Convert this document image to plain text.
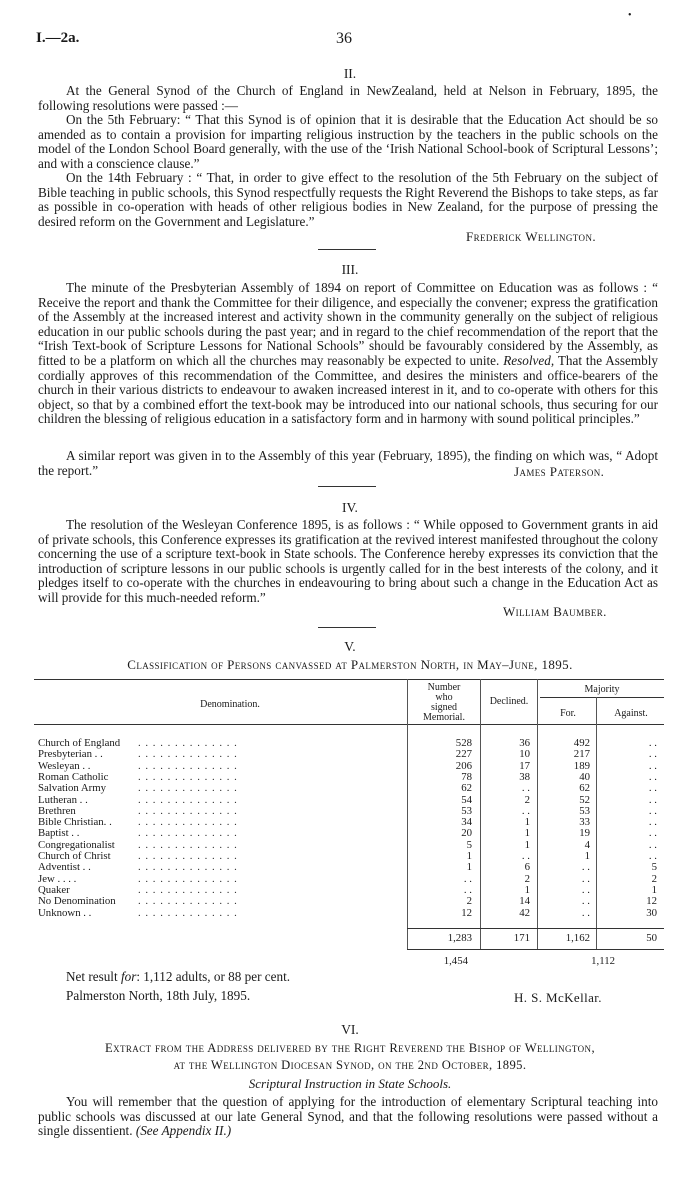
•
I.—2a.	36
II.

At the General Synod of the Church of England in NewZealand, held at Nelson in February, 1895, the following resolutions were passed :—

On the 5th February: “ That this Synod is of opinion that it is desirable that the Education Act should be so amended as to contain a provision for imparting religious instruction by the teachers in the public schools on the model of the London School Board generally, with the use of the ‘Irish National School-book of Scriptural Lessons’; and with a conscience clause.”

On the 14th February : “ That, in order to give effect to the resolution of the 5th February on the subject of Bible teaching in public schools, this Synod respectfully requests the Right Reverend the Bishops to take steps, as far as possible in co-operation with heads of other religious bodies in New Zealand, for the purpose of pressing the desired reform on the Government and Legislature.”

Frederick Wellington.
III.

The minute of the Presbyterian Assembly of 1894 on report of Committee on Education was as follows : “ Receive the report and thank the Committee for their diligence, and especially the convener; express the gratification of the Assembly at the increased interest and activity shown in the community generally on the subject of religious education in our public schools during the past year; and in regard to the chief recommendation of the report that the “Irish Text-book of Scripture Lessons for National Schools” should be favourably considered by the Assembly, as fitted to be a platform on which all the churches may reasonably be expected to unite. Resolved, That the Assembly cordially approves of this recommendation of the Committee, and desires the ministers and office-bearers of the church in their various districts to endeavour to awaken increased interest in it, and to co-operate with others for this object, so that by a combined effort the text-book may be introduced into our national schools, thus securing for our children the blessing of religious education in a satisfactory form and in harmony with sound political principles.”

A similar report was given in to the Assembly of this year (February, 1895), the finding on which was, “ Adopt the report.”	James Paterson.
IV.

The resolution of the Wesleyan Conference 1895, is as follows : “ While opposed to Government grants in aid of private schools, this Conference expresses its gratification at the revived interest manifested throughout the colony concerning the use of a scripture text-book in State schools. The Conference hereby expresses its conviction that the introduction of scripture lessons in our public schools is urgently called for in the best interests of the colony, and it pledges itself to co-operate with the churches in endeavouring to bring about such a change in the Education Act as will provide for this much-needed reform.”

William Baumber.
V.
Classification of Persons canvassed at Palmerston North, in May–June, 1895.
Denomination.
Number
who
signed
Memorial.
Declined.
Majority
For.	Against.
Church of England . . . . . . . . . . . . . .	528	36	492	. .
Presbyterian . .	. . . . . . . . . . . . . .	227	10	217	. .
Wesleyan . .	. . . . . . . . . . . . . .	206	17	189	. .
Roman Catholic	. . . . . . . . . . . . . .	78	38	40	. .
Salvation Army	. . . . . . . . . . . . . .	62	. .	62	. .
Lutheran . .	. . . . . . . . . . . . . .	54	2	52	. .
Brethren	. . . . . . . . . . . . . .	53	. .	53	. .
Bible Christian. . . . . . . . . . . . . . . .	34	1	33	. .
Baptist . .	. . . . . . . . . . . . . .	20	1	19	. .
Congregationalist . . . . . . . . . . . . . .	5	1	4	. .
Church of Christ	. . . . . . . . . . . . . .	1	. .	1	. .
Adventist . .	. . . . . . . . . . . . . .	1	6	. .	5
Jew . . . .	. . . . . . . . . . . . . .	. .	2	. .	2
Quaker	. . . . . . . . . . . . . .	. .	1	. .	1
No Denomination . . . . . . . . . . . . . .	2	14	. .	12
Unknown . .	. . . . . . . . . . . . . .	12	42	. .	30
1,283	171	1,162	50
1,454	1,112
Net result for: 1,112 adults, or 88 per cent.
Palmerston North, 18th July, 1895.	H. S. McKellar.
VI.
Extract from the Address delivered by the Right Reverend the Bishop of Wellington,
at the Wellington Diocesan Synod, on the 2nd October, 1895.
Scriptural Instruction in State Schools.

You will remember that the question of applying for the introduction of elementary Scriptural teaching into public schools was discussed at our late General Synod, and that the following resolutions were passed without a single dissentient. (See Appendix II.)
